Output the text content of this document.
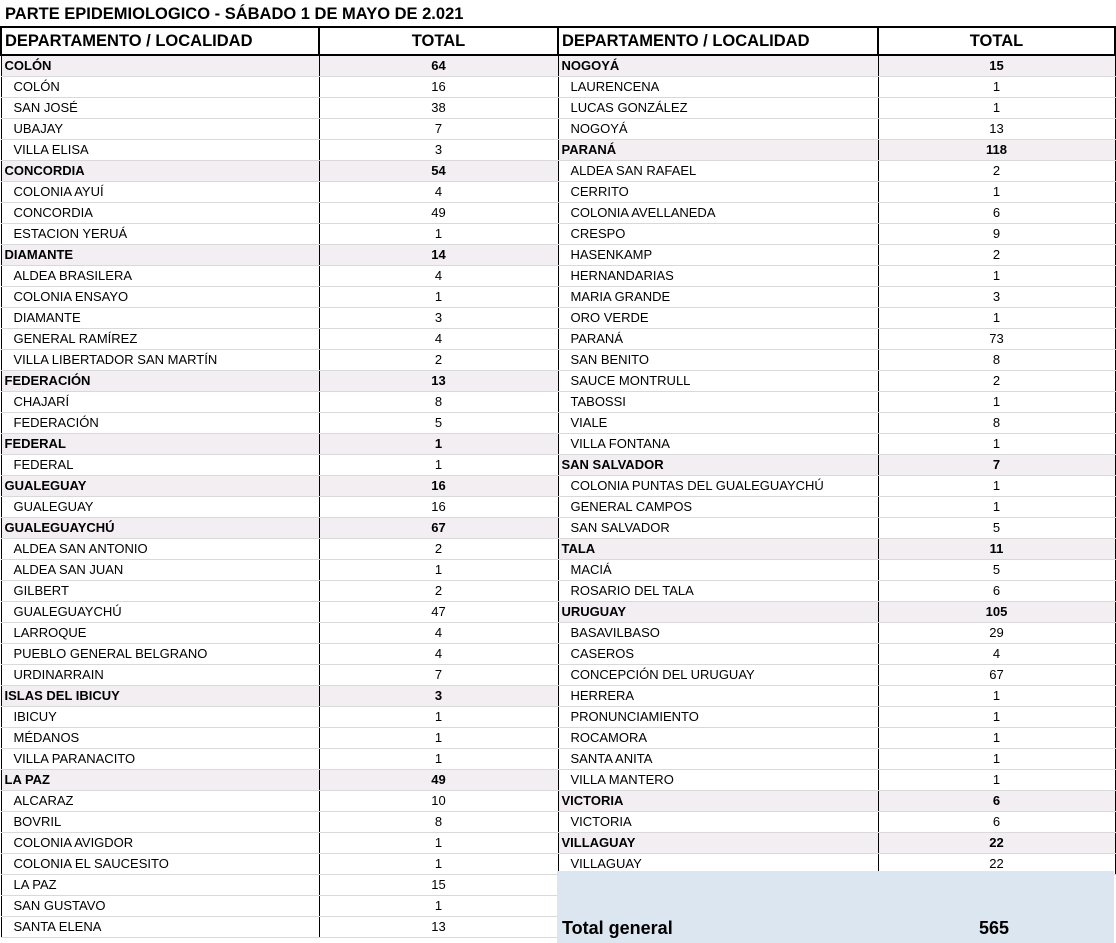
PARTE EPIDEMIOLOGICO - SÁBADO 1 DE MAYO DE 2.021
DEPARTAMENTO / LOCALIDAD	TOTAL
COLÓN	64
COLÓN	16
SAN JOSÉ	38
UBAJAY	7
VILLA ELISA	3
CONCORDIA	54
COLONIA AYUÍ	4
CONCORDIA	49
ESTACION YERUÁ	1
DIAMANTE	14
ALDEA BRASILERA	4
COLONIA ENSAYO	1
DIAMANTE	3
GENERAL RAMÍREZ	4
VILLA LIBERTADOR SAN MARTÍN	2
FEDERACIÓN	13
CHAJARÍ	8
FEDERACIÓN	5
FEDERAL	1
FEDERAL	1
GUALEGUAY	16
GUALEGUAY	16
GUALEGUAYCHÚ	67
ALDEA SAN ANTONIO	2
ALDEA SAN JUAN	1
GILBERT	2
GUALEGUAYCHÚ	47
LARROQUE	4
PUEBLO GENERAL BELGRANO	4
URDINARRAIN	7
ISLAS DEL IBICUY	3
IBICUY	1
MÉDANOS	1
VILLA PARANACITO	1
LA PAZ	49
ALCARAZ	10
BOVRIL	8
COLONIA AVIGDOR	1
COLONIA EL SAUCESITO	1
LA PAZ	15
SAN GUSTAVO	1
SANTA ELENA	13
DEPARTAMENTO / LOCALIDAD	TOTAL
NOGOYÁ	15
LAURENCENA	1
LUCAS GONZÁLEZ	1
NOGOYÁ	13
PARANÁ	118
ALDEA SAN RAFAEL	2
CERRITO	1
COLONIA AVELLANEDA	6
CRESPO	9
HASENKAMP	2
HERNANDARIAS	1
MARIA GRANDE	3
ORO VERDE	1
PARANÁ	73
SAN BENITO	8
SAUCE MONTRULL	2
TABOSSI	1
VIALE	8
VILLA FONTANA	1
SAN SALVADOR	7
COLONIA PUNTAS DEL GUALEGUAYCHÚ	1
GENERAL CAMPOS	1
SAN SALVADOR	5
TALA	11
MACIÁ	5
ROSARIO DEL TALA	6
URUGUAY	105
BASAVILBASO	29
CASEROS	4
CONCEPCIÓN DEL URUGUAY	67
HERRERA	1
PRONUNCIAMIENTO	1
ROCAMORA	1
SANTA ANITA	1
VILLA MANTERO	1
VICTORIA	6
VICTORIA	6
VILLAGUAY	22
VILLAGUAY	22
Total general	565
